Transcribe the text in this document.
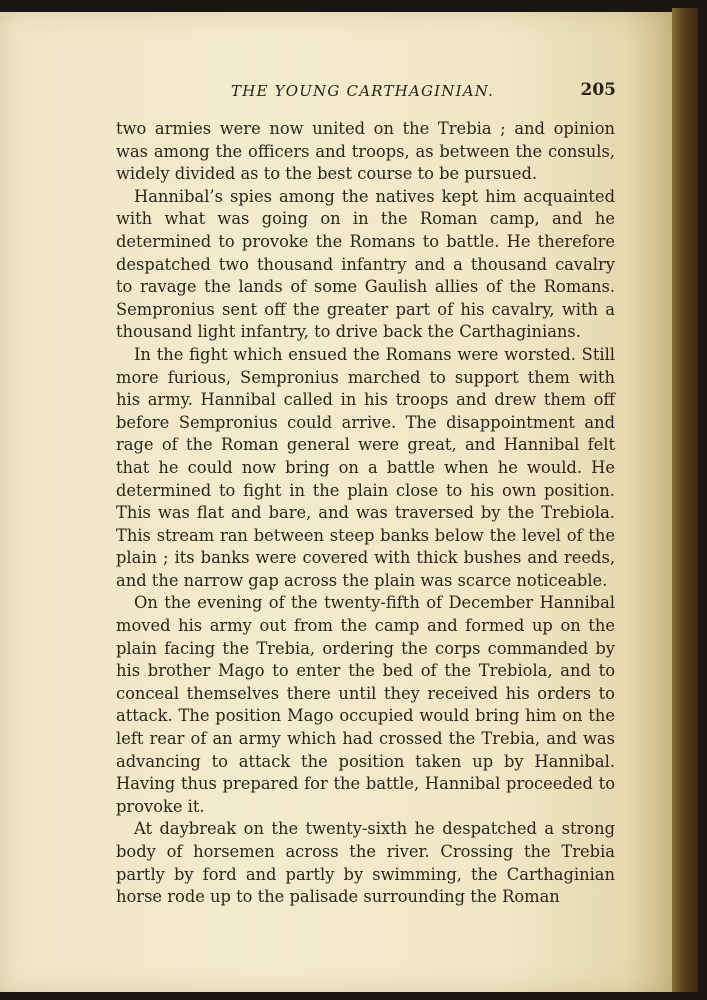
THE YOUNG CARTHAGINIAN.	205

two armies were now united on the Trebia ; and opinion was among the officers and troops, as between the consuls, widely divided as to the best course to be pursued.

Hannibal’s spies among the natives kept him acquainted with what was going on in the Roman camp, and he determined to provoke the Romans to battle. He therefore despatched two thousand infantry and a thousand cavalry to ravage the lands of some Gaulish allies of the Romans. Sempronius sent off the greater part of his cavalry, with a thousand light infantry, to drive back the Carthaginians.

In the fight which ensued the Romans were worsted. Still more furious, Sempronius marched to support them with his army. Hannibal called in his troops and drew them off before Sempronius could arrive. The disappointment and rage of the Roman general were great, and Hannibal felt that he could now bring on a battle when he would. He determined to fight in the plain close to his own position. This was flat and bare, and was traversed by the Trebiola. This stream ran between steep banks below the level of the plain ; its banks were covered with thick bushes and reeds, and the narrow gap across the plain was scarce noticeable.

On the evening of the twenty-fifth of December Hannibal moved his army out from the camp and formed up on the plain facing the Trebia, ordering the corps commanded by his brother Mago to enter the bed of the Trebiola, and to conceal themselves there until they received his orders to attack. The position Mago occupied would bring him on the left rear of an army which had crossed the Trebia, and was advancing to attack the position taken up by Hannibal. Having thus prepared for the battle, Hannibal proceeded to provoke it.

At daybreak on the twenty-sixth he despatched a strong body of horsemen across the river. Crossing the Trebia partly by ford and partly by swimming, the Carthaginian horse rode up to the palisade surrounding the Roman
